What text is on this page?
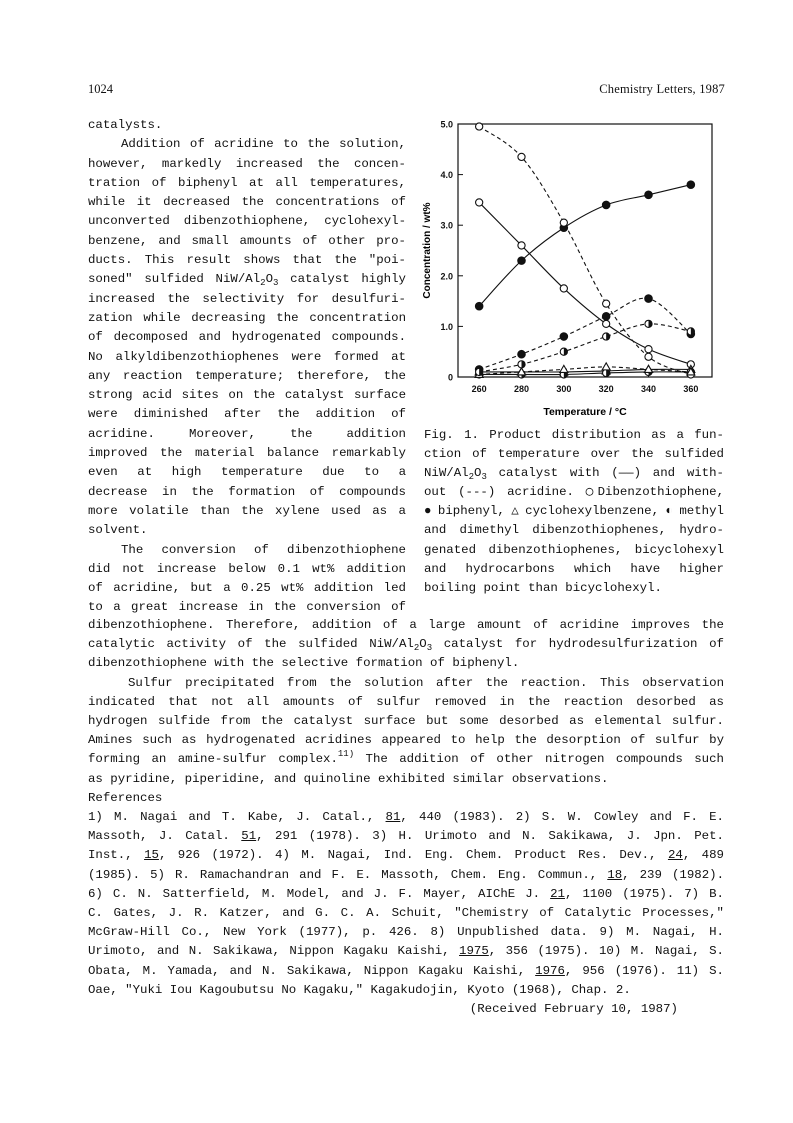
1024	Chemistry Letters, 1987
catalysts.
Addition of acridine to the solution,
however, markedly increased the concen-
tration of biphenyl at all temperatures,
while it decreased the concentrations of
unconverted dibenzothiophene, cyclohexyl-
benzene, and small amounts of other pro-
ducts. This result shows that the "poi-
soned" sulfided NiW/$Al_2O_3$ catalyst highly
increased the selectivity for desulfuri-
zation while decreasing the concentration
of decomposed and hydrogenated compounds.
No alkyldibenzothiophenes were formed at
any reaction temperature; therefore, the
strong acid sites on the catalyst surface
were diminished after the addition of
acridine. Moreover, the addition
improved the material balance remarkably
even at high temperature due to a
decrease in the formation of compounds
more volatile than the xylene used as a
solvent.
The conversion of dibenzothiophene
did not increase below 0.1 wt% addition
of acridine, but a 0.25 wt% addition led
to a great increase in the conversion of
0
1.0
2.0
3.0
4.0
5.0
260	280	300	320	340	360
Concentration / wt%
Temperature / °C
Fig. 1. Product distribution as a fun-
ction of temperature over the sulfided
NiW/$Al_2O_3$ catalyst with (——) and with-
out (---) acridine. ◯Dibenzothiophene,
●biphenyl,△cyclohexylbenzene,◐methyl
and dimethyl dibenzothiophenes, hydro-
genated dibenzothiophenes, bicyclohexyl
and hydrocarbons which have higher
boiling point than bicyclohexyl.
dibenzothiophene. Therefore, addition of a large amount of acridine improves the
catalytic activity of the sulfided NiW/$Al_2O_3$ catalyst for hydrodesulfurization of
dibenzothiophene with the selective formation of biphenyl.
Sulfur precipitated from the solution after the reaction. This observation
indicated that not all amounts of sulfur removed in the reaction desorbed as
hydrogen sulfide from the catalyst surface but some desorbed as elemental sulfur.
Amines such as hydrogenated acridines appeared to help the desorption of sulfur by
forming an amine-sulfur complex.$^{11)}$ The addition of other nitrogen compounds such
as pyridine, piperidine, and quinoline exhibited similar observations.
References
1) M. Nagai and T. Kabe, J. Catal., 81, 440 (1983). 2) S. W. Cowley and F. E.
Massoth, J. Catal. 51, 291 (1978). 3) H. Urimoto and N. Sakikawa, J. Jpn. Pet.
Inst., 15, 926 (1972). 4) M. Nagai, Ind. Eng. Chem. Product Res. Dev., 24, 489
(1985). 5) R. Ramachandran and F. E. Massoth, Chem. Eng. Commun., 18, 239 (1982).
6) C. N. Satterfield, M. Model, and J. F. Mayer, AIChE J. 21, 1100 (1975). 7) B.
C. Gates, J. R. Katzer, and G. C. A. Schuit, "Chemistry of Catalytic Processes,"
McGraw-Hill Co., New York (1977), p. 426. 8) Unpublished data. 9) M. Nagai, H.
Urimoto, and N. Sakikawa, Nippon Kagaku Kaishi, 1975, 356 (1975). 10) M. Nagai, S.
Obata, M. Yamada, and N. Sakikawa, Nippon Kagaku Kaishi, 1976, 956 (1976). 11) S.
Oae, "Yuki Iou Kagoubutsu No Kagaku," Kagakudojin, Kyoto (1968), Chap. 2.
(Received February 10, 1987)
